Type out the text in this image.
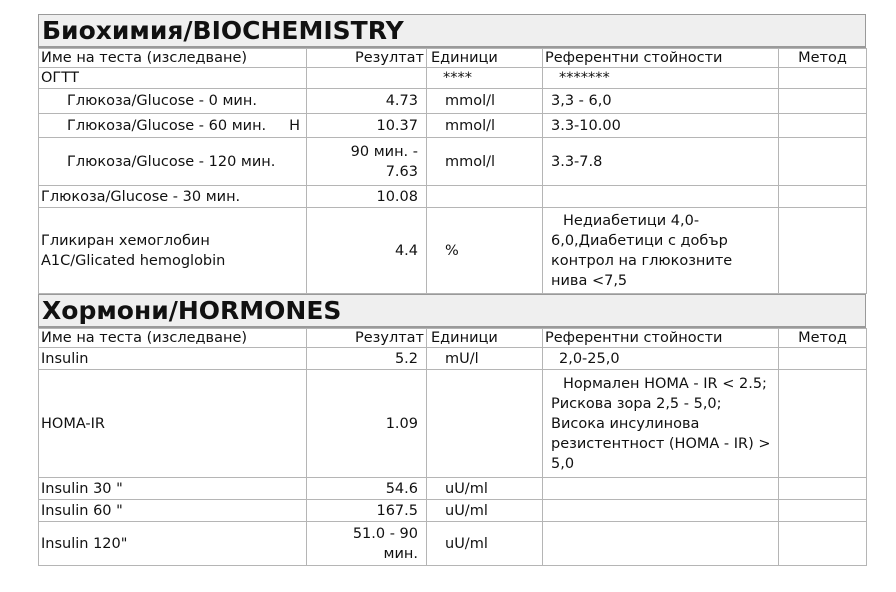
Биохимия/BIOCHEMISTRY
Име на теста (изследване)	Резултат	Единици	Референтни стойности	Метод
ОГТТ		****	*******	
Глюкоза/Glucose - 0 мин.	4.73	mmol/l	3,3 - 6,0	

Глюкоза/Glucose - 60 мин. H	10.37	mmol/l	3.3-10.00	
Глюкоза/Glucose - 120 мин.	90 мин. - 7.63	mmol/l	3.3-7.8	
Глюкоза/Glucose - 30 мин.	10.08			
Гликиран хемоглобин A1C/Glicated hemoglobin	4.4	%	Недиабетици 4,0-6,0,Диабетици с добър контрол на глюкозните нива <7,5	
Хормони/HORMONES
Име на теста (изследване)	Резултат	Единици	Референтни стойности	Метод
Insulin	5.2	mU/l	2,0-25,0	
HOMA-IR	1.09		Нормален HOMA - IR < 2.5; Рискова зора 2,5 - 5,0; Висока инсулинова резистентност (HOMA - IR) > 5,0	
Insulin 30 "	54.6	uU/ml		
Insulin 60 "	167.5	uU/ml		
Insulin 120"	51.0 - 90 мин.	uU/ml		
